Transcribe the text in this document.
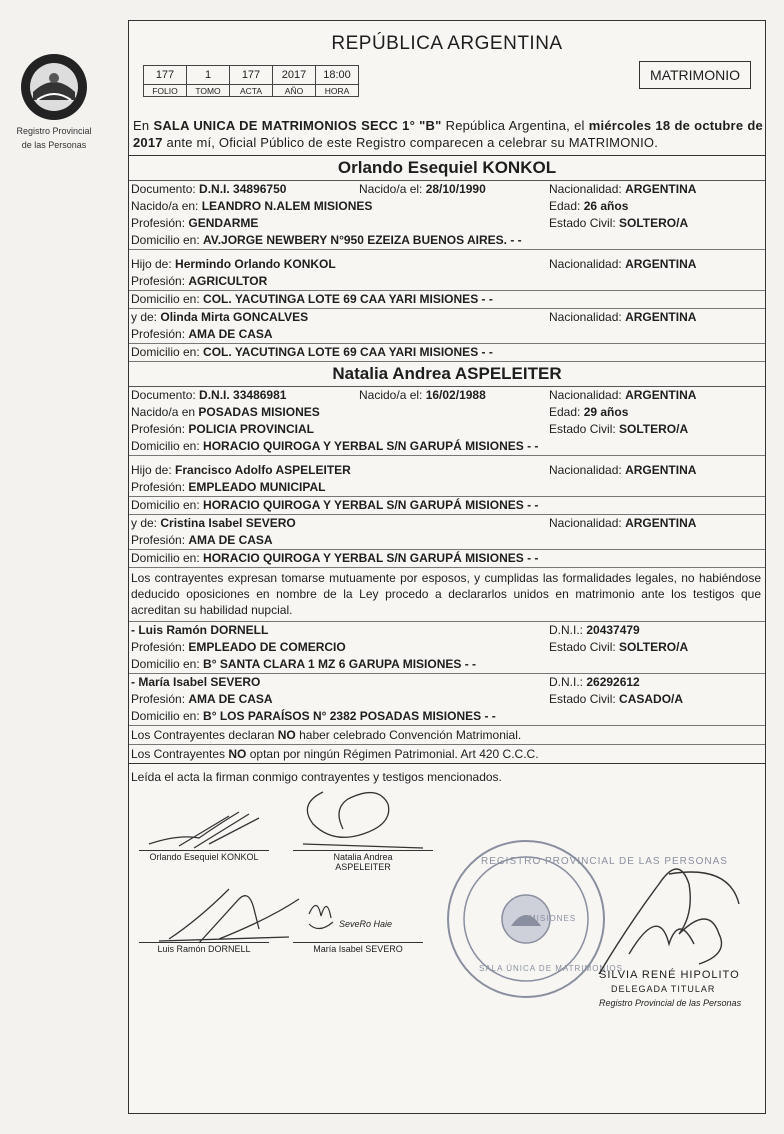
Registro Provincial
de las Personas
REPÚBLICA ARGENTINA
177	1	177	2017	18:00
FOLIO	TOMO	ACTA	AÑO	HORA
MATRIMONIO
En SALA UNICA DE MATRIMONIOS SECC 1° "B" República Argentina, el miércoles 18 de octubre de 2017 ante mí, Oficial Público de este Registro comparecen a celebrar su MATRIMONIO.
Orlando Esequiel KONKOL
Documento: D.N.I. 34896750	Nacido/a el: 28/10/1990	Nacionalidad: ARGENTINA
Nacido/a en: LEANDRO N.ALEM MISIONES	Edad: 26 años
Profesión: GENDARME	Estado Civil: SOLTERO/A
Domicilio en: AV.JORGE NEWBERY N°950 EZEIZA BUENOS AIRES. - -
Hijo de: Hermindo Orlando KONKOL	Nacionalidad: ARGENTINA
Profesión: AGRICULTOR
Domicilio en: COL. YACUTINGA LOTE 69 CAA YARI MISIONES - -
y de: Olinda Mirta GONCALVES	Nacionalidad: ARGENTINA
Profesión: AMA DE CASA
Domicilio en: COL. YACUTINGA LOTE 69 CAA YARI MISIONES - -
Natalia Andrea ASPELEITER
Documento: D.N.I. 33486981	Nacido/a el: 16/02/1988	Nacionalidad: ARGENTINA
Nacido/a en POSADAS MISIONES	Edad: 29 años
Profesión: POLICIA PROVINCIAL	Estado Civil: SOLTERO/A
Domicilio en: HORACIO QUIROGA Y YERBAL S/N GARUPÁ MISIONES - -
Hijo de: Francisco Adolfo ASPELEITER	Nacionalidad: ARGENTINA
Profesión: EMPLEADO MUNICIPAL
Domicilio en: HORACIO QUIROGA Y YERBAL S/N GARUPÁ MISIONES - -
y de: Cristina Isabel SEVERO	Nacionalidad: ARGENTINA
Profesión: AMA DE CASA
Domicilio en: HORACIO QUIROGA Y YERBAL S/N GARUPÁ MISIONES - -
Los contrayentes expresan tomarse mutuamente por esposos, y cumplidas las formalidades legales, no habiéndose deducido oposiciones en nombre de la Ley procedo a declararlos unidos en matrimonio ante los testigos que acreditan su habilidad nupcial.
- Luis Ramón DORNELL	D.N.I.: 20437479
Profesión: EMPLEADO DE COMERCIO	Estado Civil: SOLTERO/A
Domicilio en: B° SANTA CLARA 1 MZ 6 GARUPA MISIONES - -
- María Isabel SEVERO	D.N.I.: 26292612
Profesión: AMA DE CASA	Estado Civil: CASADO/A
Domicilio en: B° LOS PARAÍSOS N° 2382 POSADAS MISIONES - -
Los Contrayentes declaran NO haber celebrado Convención Matrimonial.
Los Contrayentes NO optan por ningún Régimen Patrimonial. Art 420 C.C.C.
Leída el acta la firman conmigo contrayentes y testigos mencionados.
Orlando Esequiel KONKOL	Natalia Andrea
ASPELEITER
Luis Ramón DORNELL
SeveRo Haie
María Isabel SEVERO
REGISTRO PROVINCIAL DE LAS PERSONAS
SALA ÚNICA DE MATRIMONIOS
MISIONES
SILVIA RENÉ HIPOLITO
DELEGADA TITULAR
Registro Provincial de las Personas
